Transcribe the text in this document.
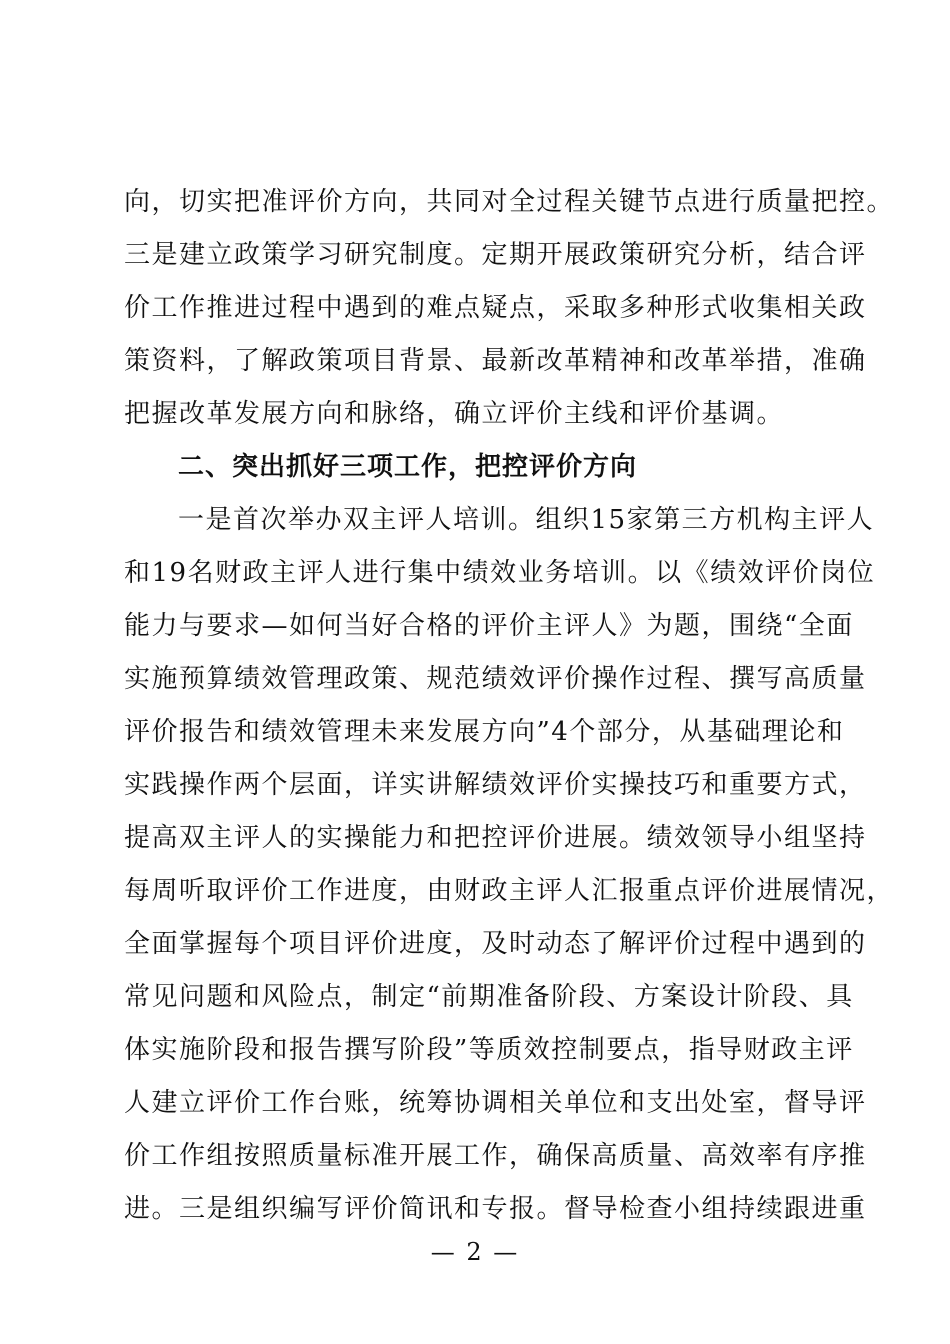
向，切实把准评价方向，共同对全过程关键节点进行质量把控。
三是建立政策学习研究制度。定期开展政策研究分析，结合评
价工作推进过程中遇到的难点疑点，采取多种形式收集相关政
策资料，了解政策项目背景、最新改革精神和改革举措，准确
把握改革发展方向和脉络，确立评价主线和评价基调。
二、突出抓好三项工作，把控评价方向
一是首次举办双主评人培训。组织15家第三方机构主评人
和19名财政主评人进行集中绩效业务培训。以《绩效评价岗位
能力与要求—如何当好合格的评价主评人》为题，围绕“全面
实施预算绩效管理政策、规范绩效评价操作过程、撰写高质量
评价报告和绩效管理未来发展方向”4个部分，从基础理论和
实践操作两个层面，详实讲解绩效评价实操技巧和重要方式，
提高双主评人的实操能力和把控评价进展。绩效领导小组坚持
每周听取评价工作进度，由财政主评人汇报重点评价进展情况，
全面掌握每个项目评价进度，及时动态了解评价过程中遇到的
常见问题和风险点，制定“前期准备阶段、方案设计阶段、具
体实施阶段和报告撰写阶段”等质效控制要点，指导财政主评
人建立评价工作台账，统筹协调相关单位和支出处室，督导评
价工作组按照质量标准开展工作，确保高质量、高效率有序推
进。三是组织编写评价简讯和专报。督导检查小组持续跟进重
— 2 —
